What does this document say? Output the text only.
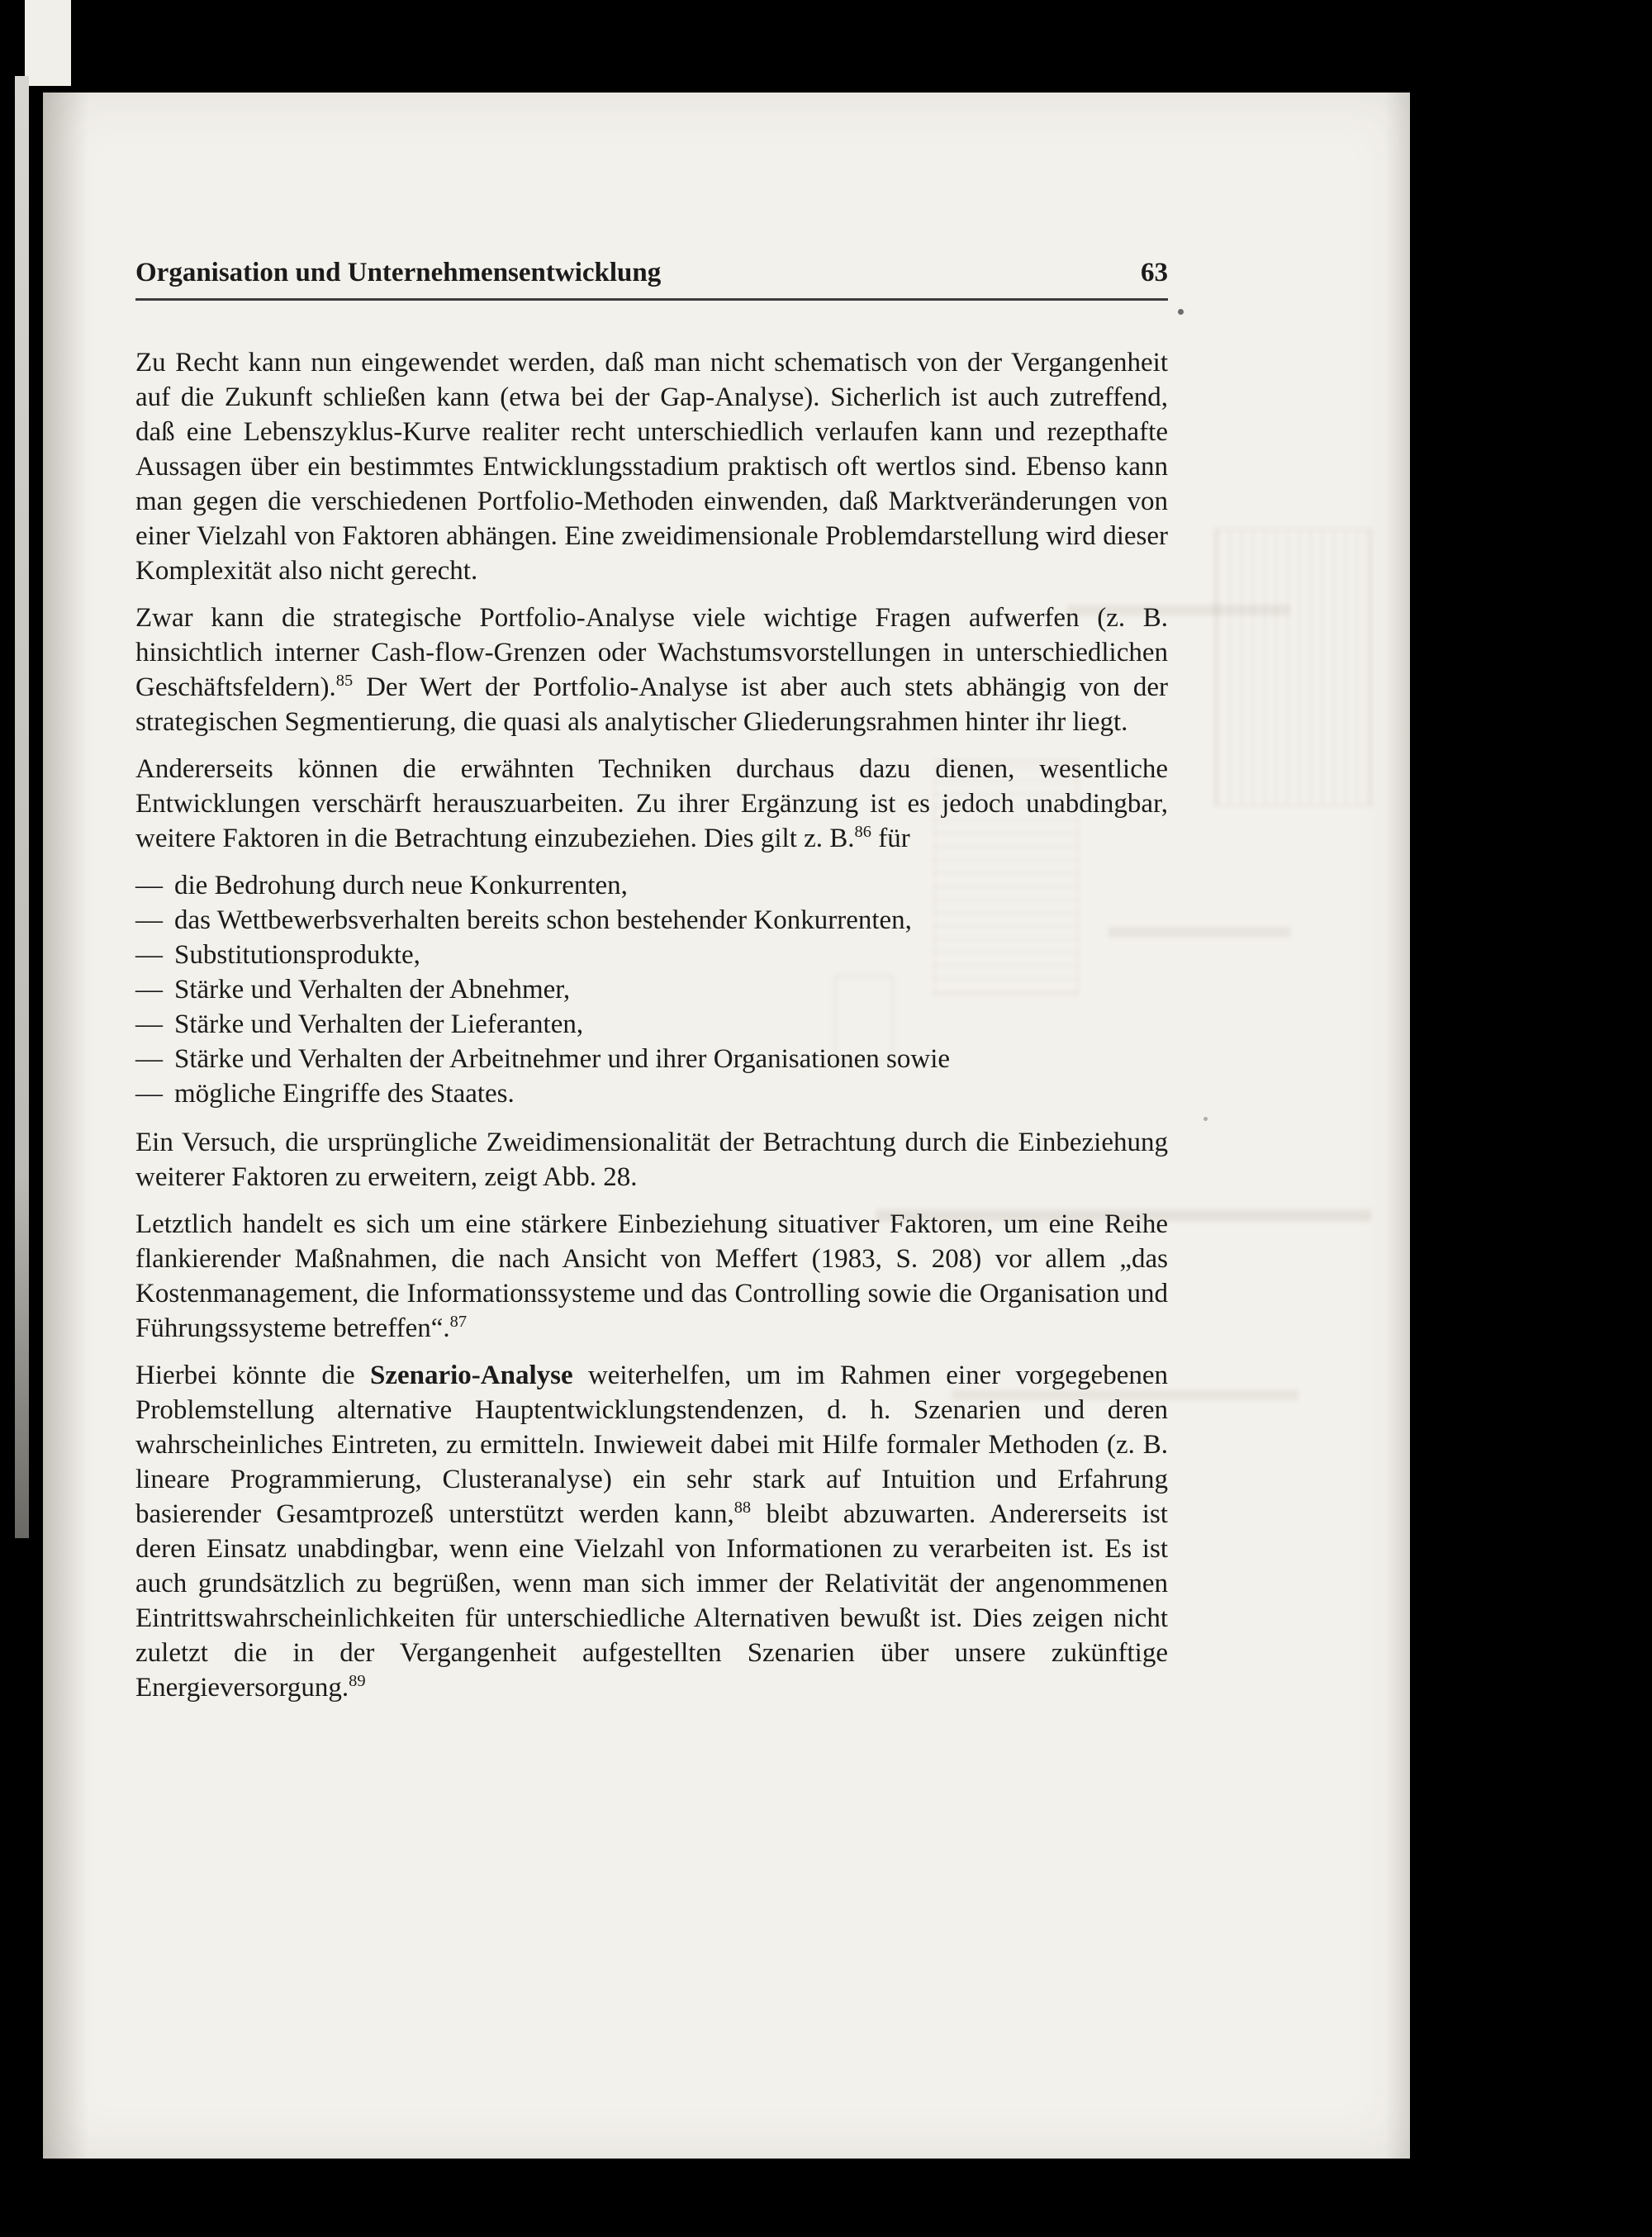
Organisation und Unternehmensentwicklung	63

Zu Recht kann nun eingewendet werden, daß man nicht schematisch von der Vergangenheit auf die Zukunft schließen kann (etwa bei der Gap-Analyse). Sicherlich ist auch zutreffend, daß eine Lebenszyklus-Kurve realiter recht unterschiedlich verlaufen kann und rezepthafte Aussagen über ein bestimmtes Entwicklungsstadium praktisch oft wertlos sind. Ebenso kann man gegen die verschiedenen Portfolio-Methoden einwenden, daß Marktveränderungen von einer Vielzahl von Faktoren abhängen. Eine zweidimensionale Problemdarstellung wird dieser Komplexität also nicht gerecht.

Zwar kann die strategische Portfolio-Analyse viele wichtige Fragen aufwerfen (z. B. hinsichtlich interner Cash-flow-Grenzen oder Wachstumsvorstellungen in unterschiedlichen Geschäftsfeldern).$^{85}$ Der Wert der Portfolio-Analyse ist aber auch stets abhängig von der strategischen Segmentierung, die quasi als analytischer Gliederungsrahmen hinter ihr liegt.

Andererseits können die erwähnten Techniken durchaus dazu dienen, wesentliche Entwicklungen verschärft herauszuarbeiten. Zu ihrer Ergänzung ist es jedoch unabdingbar, weitere Faktoren in die Betrachtung einzubeziehen. Dies gilt z. B.$^{86}$ für

— die Bedrohung durch neue Konkurrenten,
— das Wettbewerbsverhalten bereits schon bestehender Konkurrenten,
— Substitutionsprodukte,
— Stärke und Verhalten der Abnehmer,
— Stärke und Verhalten der Lieferanten,
— Stärke und Verhalten der Arbeitnehmer und ihrer Organisationen sowie
— mögliche Eingriffe des Staates.

Ein Versuch, die ursprüngliche Zweidimensionalität der Betrachtung durch die Einbeziehung weiterer Faktoren zu erweitern, zeigt Abb. 28.

Letztlich handelt es sich um eine stärkere Einbeziehung situativer Faktoren, um eine Reihe flankierender Maßnahmen, die nach Ansicht von Meffert (1983, S. 208) vor allem „das Kostenmanagement, die Informationssysteme und das Controlling sowie die Organisation und Führungssysteme betreffen“.$^{87}$

Hierbei könnte die Szenario-Analyse weiterhelfen, um im Rahmen einer vorgegebenen Problemstellung alternative Hauptentwicklungstendenzen, d. h. Szenarien und deren wahrscheinliches Eintreten, zu ermitteln. Inwieweit dabei mit Hilfe formaler Methoden (z. B. lineare Programmierung, Clusteranalyse) ein sehr stark auf Intuition und Erfahrung basierender Gesamtprozeß unterstützt werden kann,$^{88}$ bleibt abzuwarten. Andererseits ist deren Einsatz unabdingbar, wenn eine Vielzahl von Informationen zu verarbeiten ist. Es ist auch grundsätzlich zu begrüßen, wenn man sich immer der Relativität der angenommenen Eintrittswahrscheinlichkeiten für unterschiedliche Alternativen bewußt ist. Dies zeigen nicht zuletzt die in der Vergangenheit aufgestellten Szenarien über unsere zukünftige Energieversorgung.$^{89}$
